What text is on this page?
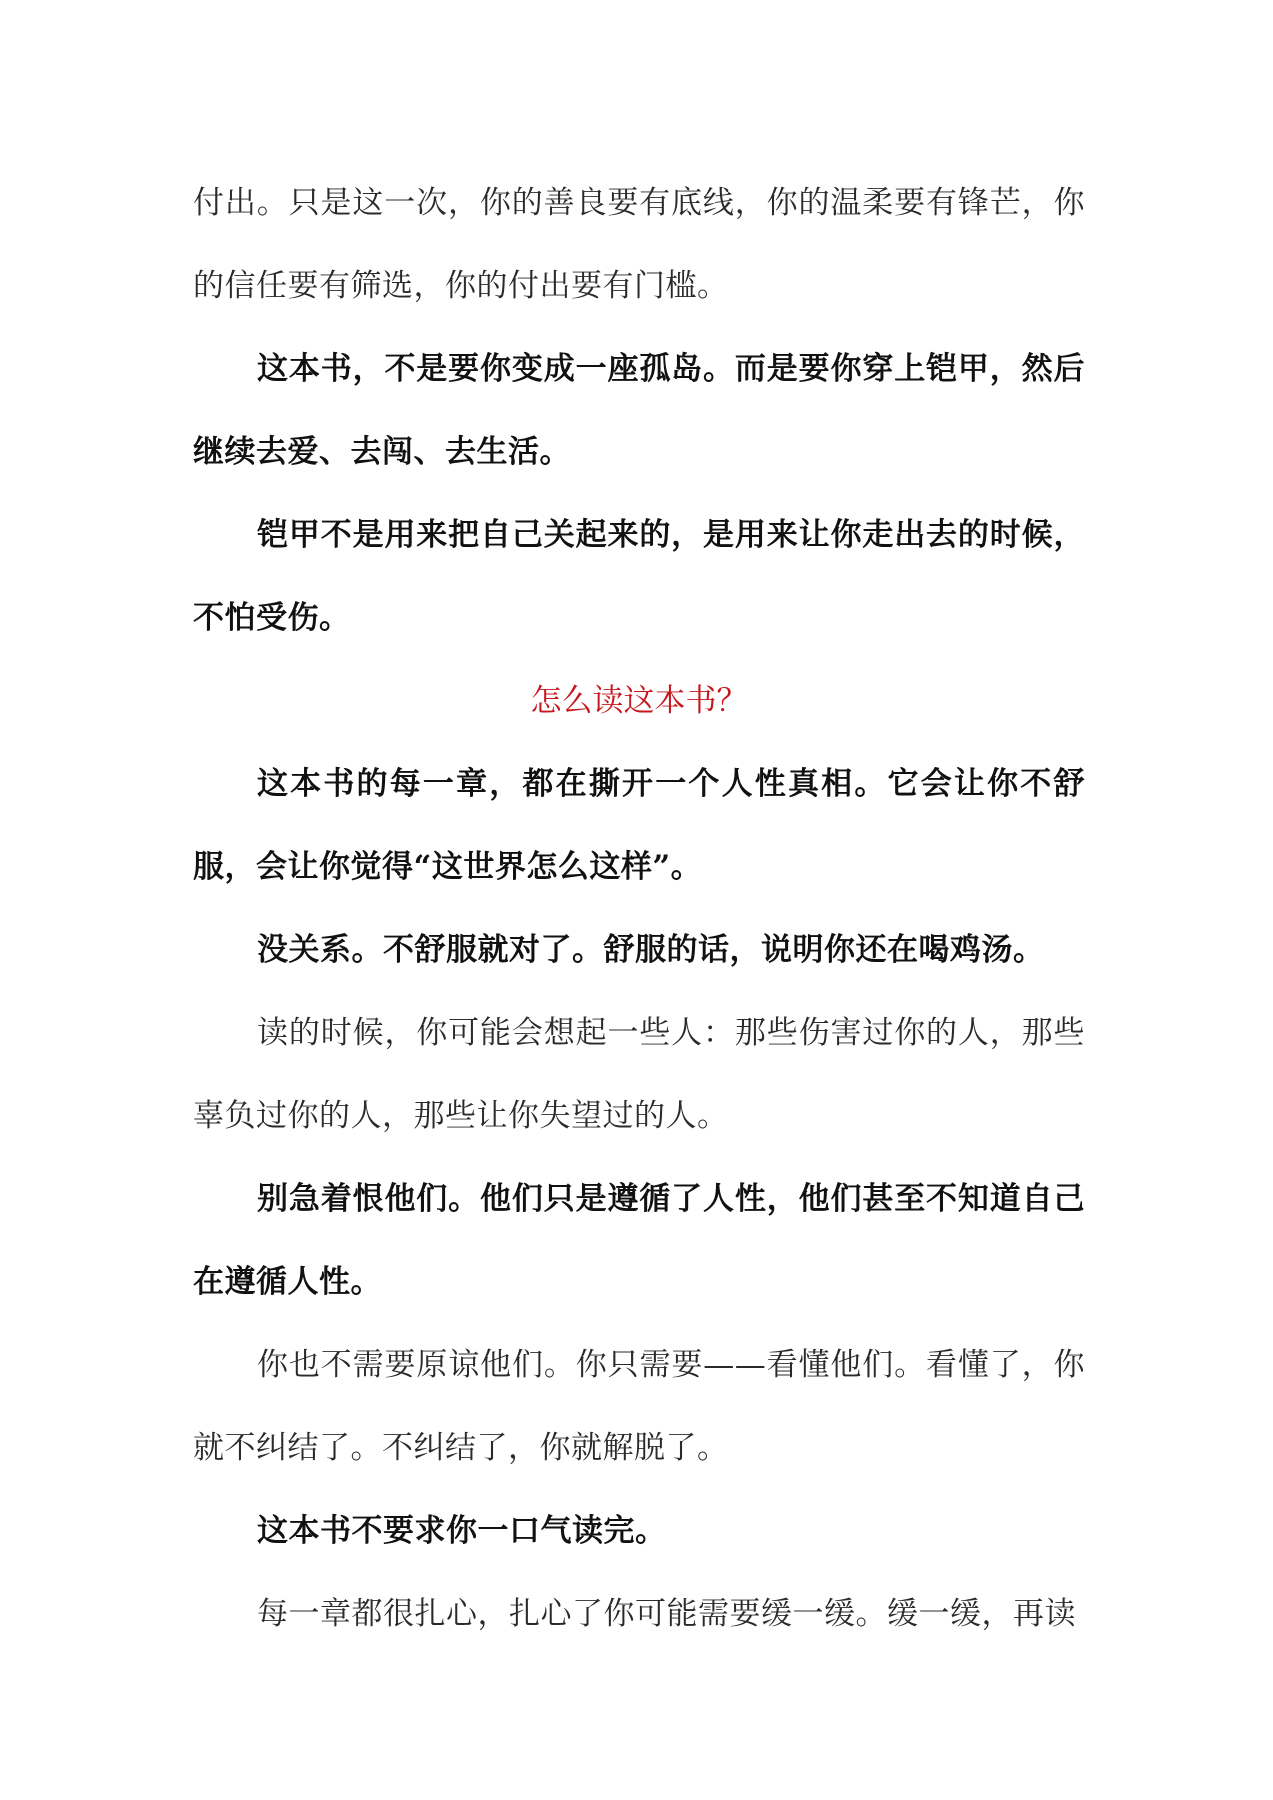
付出。只是这一次，你的善良要有底线，你的温柔要有锋芒，你的信任要有筛选，你的付出要有门槛。

这本书，不是要你变成一座孤岛。而是要你穿上铠甲，然后继续去爱、去闯、去生活。

铠甲不是用来把自己关起来的，是用来让你走出去的时候，不怕受伤。

怎么读这本书？

这本书的每一章，都在撕开一个人性真相。它会让你不舒服，会让你觉得“这世界怎么这样”。

没关系。不舒服就对了。舒服的话，说明你还在喝鸡汤。

读的时候，你可能会想起一些人：那些伤害过你的人，那些辜负过你的人，那些让你失望过的人。

别急着恨他们。他们只是遵循了人性，他们甚至不知道自己在遵循人性。

你也不需要原谅他们。你只需要——看懂他们。看懂了，你就不纠结了。不纠结了，你就解脱了。

这本书不要求你一口气读完。

每一章都很扎心，扎心了你可能需要缓一缓。缓一缓，再读
